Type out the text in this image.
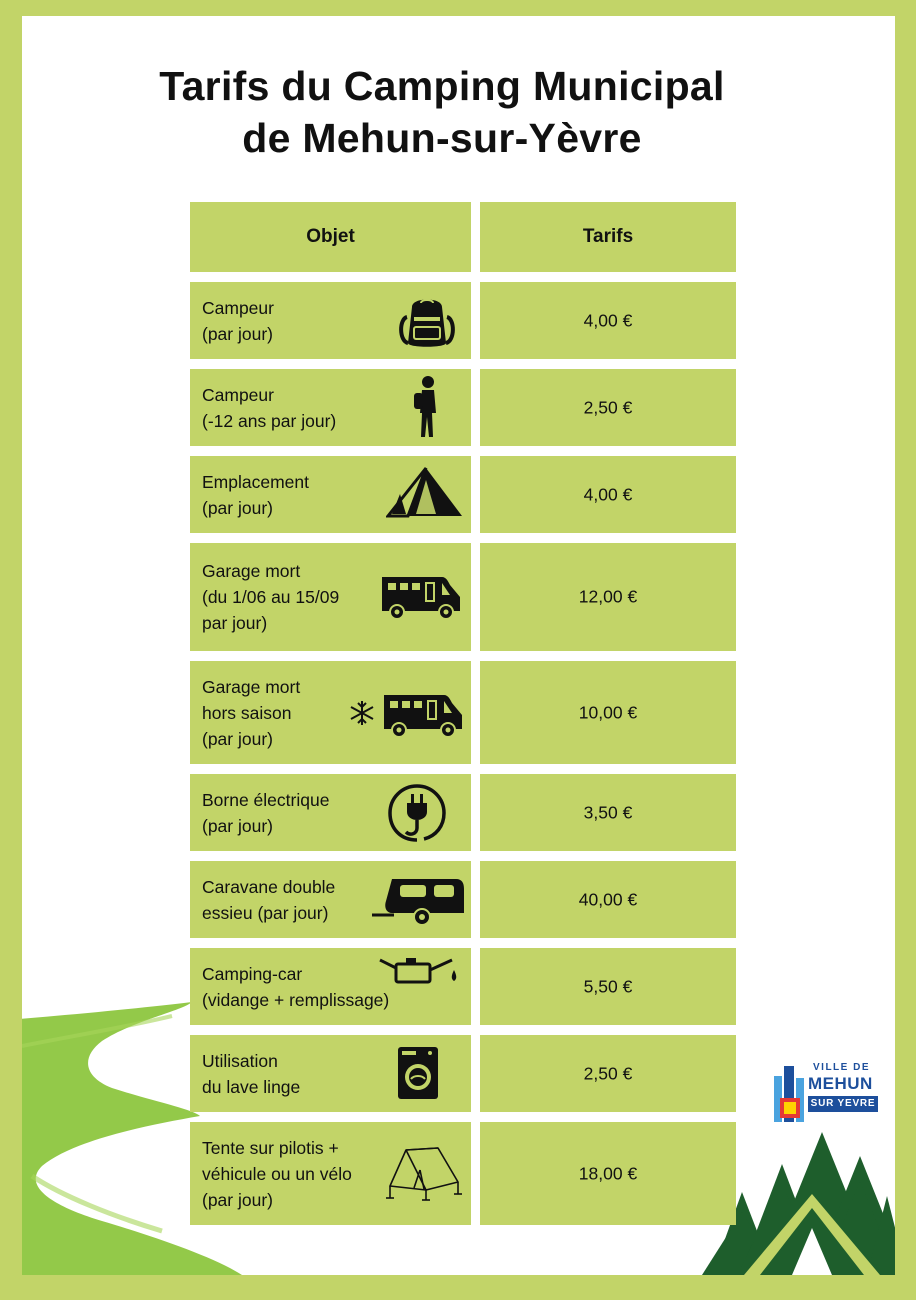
Tarifs du Camping Municipal
de Mehun-sur-Yèvre
Objet	Tarifs
Campeur
(par jour)
4,00 €
Campeur
(-12 ans par jour)
2,50 €
Emplacement
(par jour)
4,00 €
Garage mort
(du 1/06 au 15/09
par jour)
12,00 €
Garage mort
hors saison
(par jour)
10,00 €
Borne électrique
(par jour)
3,50 €
Caravane double
essieu (par jour)
40,00 €
Camping-car
(vidange + remplissage)
5,50 €
Utilisation
du lave linge
2,50 €
Tente sur pilotis +
véhicule ou un vélo
(par jour)
18,00 €
VILLE DE
MEHUN
SUR YEVRE
